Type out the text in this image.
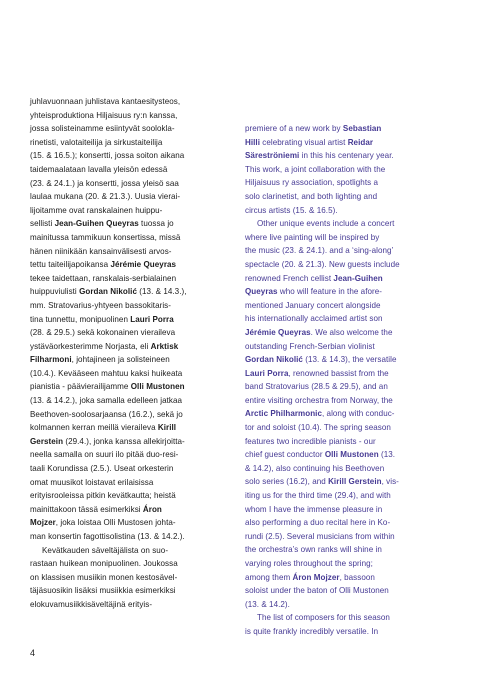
juhlavuonnaan juhlistava kantaesitysteos,

yhteisproduktiona Hiljaisuus ry:n kanssa,

jossa solisteinamme esiintyvät soolokla-

rinetisti, valotaiteilija ja sirkustaiteilija

(15. & 16.5.); konsertti, jossa soiton aikana

taidemaalataan lavalla yleisön edessä

(23. & 24.1.) ja konsertti, jossa yleisö saa

laulaa mukana (20. & 21.3.). Uusia vierai-

lijoitamme ovat ranskalainen huippu-

sellisti Jean-Guihen Queyras tuossa jo

mainitussa tammikuun konsertissa, missä

hänen niinikään kansainvälisesti arvos-

tettu taiteilijapoikansa Jérémie Queyras

tekee taidettaan, ranskalais-serbialainen

huippuviulisti Gordan Nikolić (13. & 14.3.),

mm. Stratovarius-yhtyeen bassokitaris-

tina tunnettu, monipuolinen Lauri Porra

(28. & 29.5.) sekä kokonainen vieraileva

ystäväorkesterimme Norjasta, eli Arktisk

Filharmoni, johtajineen ja solisteineen

(10.4.). Kevääseen mahtuu kaksi huikeata

pianistia - päävierailijamme Olli Mustonen

(13. & 14.2.), joka samalla edelleen jatkaa

Beethoven-soolosarjaansa (16.2.), sekä jo

kolmannen kerran meillä vieraileva Kirill

Gerstein (29.4.), jonka kanssa allekirjoitta-

neella samalla on suuri ilo pitää duo-resi-

taali Korundissa (2.5.). Useat orkesterin

omat muusikot loistavat erilaisissa

erityisrooleissa pitkin kevätkautta; heistä

mainittakoon tässä esimerkiksi Áron

Mojzer, joka loistaa Olli Mustosen johta-

man konsertin fagottisolistina (13. & 14.2.).

Kevätkauden säveltäjälista on suo-

rastaan huikean monipuolinen. Joukossa

on klassisen musiikin monen kestosävel-

täjäsuosikin lisäksi musiikkia esimerkiksi

elokuvamusiikkisäveltäjinä erityis-

premiere of a new work by Sebastian

Hilli celebrating visual artist Reidar

Säreströniemi in this his centenary year.

This work, a joint collaboration with the

Hiljaisuus ry association, spotlights a

solo clarinetist, and both lighting and

circus artists (15. & 16.5).

Other unique events include a concert

where live painting will be inspired by

the music (23. & 24.1). and a ‘sing-along’

spectacle (20. & 21.3). New guests include

renowned French cellist Jean-Guihen

Queyras who will feature in the afore-

mentioned January concert alongside

his internationally acclaimed artist son

Jérémie Queyras. We also welcome the

outstanding French-Serbian violinist

Gordan Nikolić (13. & 14.3), the versatile

Lauri Porra, renowned bassist from the

band Stratovarius (28.5 & 29.5), and an

entire visiting orchestra from Norway, the

Arctic Philharmonic, along with conduc-

tor and soloist (10.4). The spring season

features two incredible pianists - our

chief guest conductor Olli Mustonen (13.

& 14.2), also continuing his Beethoven

solo series (16.2), and Kirill Gerstein, vis-

iting us for the third time (29.4), and with

whom I have the immense pleasure in

also performing a duo recital here in Ko-

rundi (2.5). Several musicians from within

the orchestra’s own ranks will shine in

varying roles throughout the spring;

among them Áron Mojzer, bassoon

soloist under the baton of Olli Mustonen

(13. & 14.2).

The list of composers for this season

is quite frankly incredibly versatile. In

4
